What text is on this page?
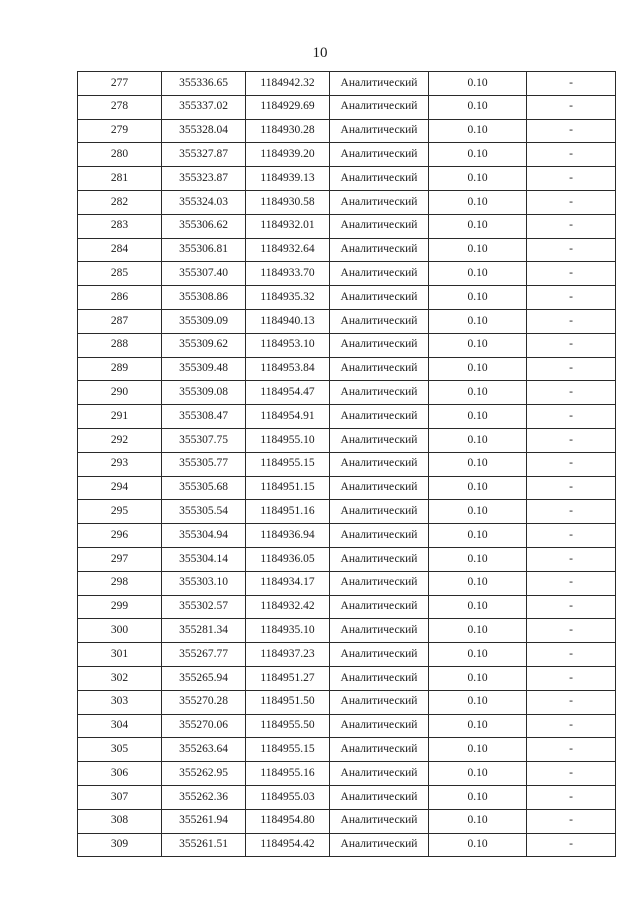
10
277	355336.65	1184942.32	Аналитический	0.10	-
278	355337.02	1184929.69	Аналитический	0.10	-
279	355328.04	1184930.28	Аналитический	0.10	-
280	355327.87	1184939.20	Аналитический	0.10	-
281	355323.87	1184939.13	Аналитический	0.10	-
282	355324.03	1184930.58	Аналитический	0.10	-
283	355306.62	1184932.01	Аналитический	0.10	-
284	355306.81	1184932.64	Аналитический	0.10	-
285	355307.40	1184933.70	Аналитический	0.10	-
286	355308.86	1184935.32	Аналитический	0.10	-
287	355309.09	1184940.13	Аналитический	0.10	-
288	355309.62	1184953.10	Аналитический	0.10	-
289	355309.48	1184953.84	Аналитический	0.10	-
290	355309.08	1184954.47	Аналитический	0.10	-
291	355308.47	1184954.91	Аналитический	0.10	-
292	355307.75	1184955.10	Аналитический	0.10	-
293	355305.77	1184955.15	Аналитический	0.10	-
294	355305.68	1184951.15	Аналитический	0.10	-
295	355305.54	1184951.16	Аналитический	0.10	-
296	355304.94	1184936.94	Аналитический	0.10	-
297	355304.14	1184936.05	Аналитический	0.10	-
298	355303.10	1184934.17	Аналитический	0.10	-
299	355302.57	1184932.42	Аналитический	0.10	-
300	355281.34	1184935.10	Аналитический	0.10	-
301	355267.77	1184937.23	Аналитический	0.10	-
302	355265.94	1184951.27	Аналитический	0.10	-
303	355270.28	1184951.50	Аналитический	0.10	-
304	355270.06	1184955.50	Аналитический	0.10	-
305	355263.64	1184955.15	Аналитический	0.10	-
306	355262.95	1184955.16	Аналитический	0.10	-
307	355262.36	1184955.03	Аналитический	0.10	-
308	355261.94	1184954.80	Аналитический	0.10	-
309	355261.51	1184954.42	Аналитический	0.10	-
